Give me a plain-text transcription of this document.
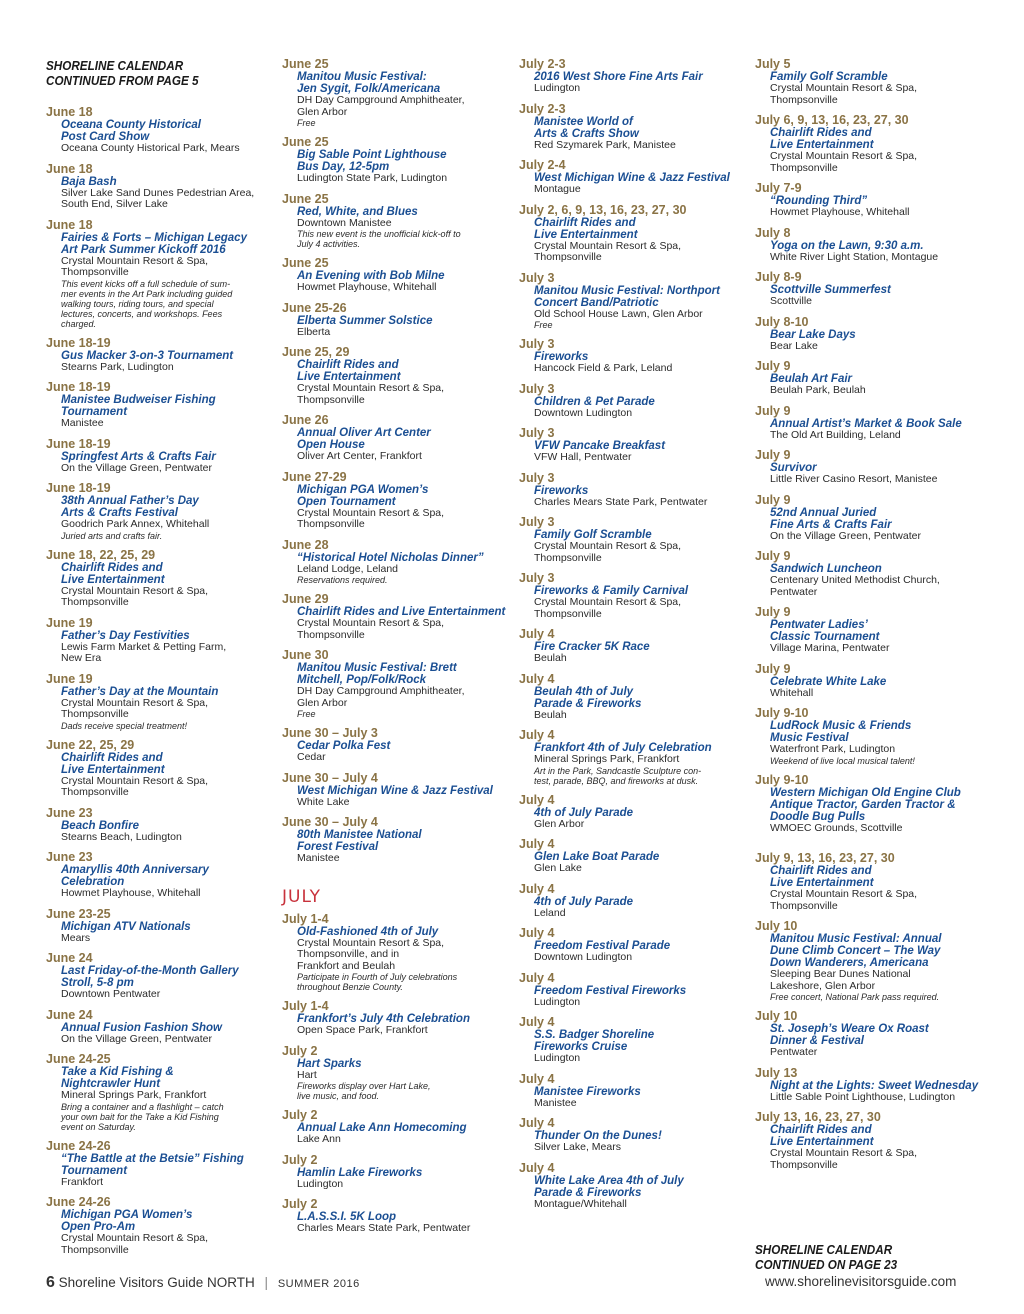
SHORELINE CALENDAR
CONTINUED FROM PAGE 5
June 18
Oceana County Historical
Post Card Show
Oceana County Historical Park, Mears
June 18
Baja Bash
Silver Lake Sand Dunes Pedestrian Area,
South End, Silver Lake
June 18
Fairies & Forts – Michigan Legacy
Art Park Summer Kickoff 2016
Crystal Mountain Resort & Spa,
Thompsonville
This event kicks off a full schedule of sum-
mer events in the Art Park including guided
walking tours, riding tours, and special
lectures, concerts, and workshops. Fees
charged.
June 18-19
Gus Macker 3-on-3 Tournament
Stearns Park, Ludington
June 18-19
Manistee Budweiser Fishing
Tournament
Manistee
June 18-19
Springfest Arts & Crafts Fair
On the Village Green, Pentwater
June 18-19
38th Annual Father’s Day
Arts & Crafts Festival
Goodrich Park Annex, Whitehall
Juried arts and crafts fair.
June 18, 22, 25, 29
Chairlift Rides and
Live Entertainment
Crystal Mountain Resort & Spa,
Thompsonville
June 19
Father’s Day Festivities
Lewis Farm Market & Petting Farm,
New Era
June 19
Father’s Day at the Mountain
Crystal Mountain Resort & Spa,
Thompsonville
Dads receive special treatment!
June 22, 25, 29
Chairlift Rides and
Live Entertainment
Crystal Mountain Resort & Spa,
Thompsonville
June 23
Beach Bonfire
Stearns Beach, Ludington
June 23
Amaryllis 40th Anniversary
Celebration
Howmet Playhouse, Whitehall
June 23-25
Michigan ATV Nationals
Mears
June 24
Last Friday-of-the-Month Gallery
Stroll, 5-8 pm
Downtown Pentwater
June 24
Annual Fusion Fashion Show
On the Village Green, Pentwater
June 24-25
Take a Kid Fishing &
Nightcrawler Hunt
Mineral Springs Park, Frankfort
Bring a container and a flashlight – catch
your own bait for the Take a Kid Fishing
event on Saturday.
June 24-26
“The Battle at the Betsie” Fishing
Tournament
Frankfort
June 24-26
Michigan PGA Women’s
Open Pro-Am
Crystal Mountain Resort & Spa,
Thompsonville
June 25
Manitou Music Festival:
Jen Sygit, Folk/Americana
DH Day Campground Amphitheater,
Glen Arbor
Free
June 25
Big Sable Point Lighthouse
Bus Day, 12-5pm
Ludington State Park, Ludington
June 25
Red, White, and Blues
Downtown Manistee
This new event is the unofficial kick-off to
July 4 activities.
June 25
An Evening with Bob Milne
Howmet Playhouse, Whitehall
June 25-26
Elberta Summer Solstice
Elberta
June 25, 29
Chairlift Rides and
Live Entertainment
Crystal Mountain Resort & Spa,
Thompsonville
June 26
Annual Oliver Art Center
Open House
Oliver Art Center, Frankfort
June 27-29
Michigan PGA Women’s
Open Tournament
Crystal Mountain Resort & Spa,
Thompsonville
June 28
“Historical Hotel Nicholas Dinner”
Leland Lodge, Leland
Reservations required.
June 29
Chairlift Rides and Live Entertainment
Crystal Mountain Resort & Spa,
Thompsonville
June 30
Manitou Music Festival: Brett
Mitchell, Pop/Folk/Rock
DH Day Campground Amphitheater,
Glen Arbor
Free
June 30 – July 3
Cedar Polka Fest
Cedar
June 30 – July 4
West Michigan Wine & Jazz Festival
White Lake
June 30 – July 4
80th Manistee National
Forest Festival
Manistee
JULY
July 1-4
Old-Fashioned 4th of July
Crystal Mountain Resort & Spa,
Thompsonville, and in
Frankfort and Beulah
Participate in Fourth of July celebrations
throughout Benzie County.
July 1-4
Frankfort’s July 4th Celebration
Open Space Park, Frankfort
July 2
Hart Sparks
Hart
Fireworks display over Hart Lake,
live music, and food.
July 2
Annual Lake Ann Homecoming
Lake Ann
July 2
Hamlin Lake Fireworks
Ludington
July 2
L.A.S.S.I. 5K Loop
Charles Mears State Park, Pentwater
July 2-3
2016 West Shore Fine Arts Fair
Ludington
July 2-3
Manistee World of
Arts & Crafts Show
Red Szymarek Park, Manistee
July 2-4
West Michigan Wine & Jazz Festival
Montague
July 2, 6, 9, 13, 16, 23, 27, 30
Chairlift Rides and
Live Entertainment
Crystal Mountain Resort & Spa,
Thompsonville
July 3
Manitou Music Festival: Northport
Concert Band/Patriotic
Old School House Lawn, Glen Arbor
Free
July 3
Fireworks
Hancock Field & Park, Leland
July 3
Children & Pet Parade
Downtown Ludington
July 3
VFW Pancake Breakfast
VFW Hall, Pentwater
July 3
Fireworks
Charles Mears State Park, Pentwater
July 3
Family Golf Scramble
Crystal Mountain Resort & Spa,
Thompsonville
July 3
Fireworks & Family Carnival
Crystal Mountain Resort & Spa,
Thompsonville
July 4
Fire Cracker 5K Race
Beulah
July 4
Beulah 4th of July
Parade & Fireworks
Beulah
July 4
Frankfort 4th of July Celebration
Mineral Springs Park, Frankfort
Art in the Park, Sandcastle Sculpture con-
test, parade, BBQ, and fireworks at dusk.
July 4
4th of July Parade
Glen Arbor
July 4
Glen Lake Boat Parade
Glen Lake
July 4
4th of July Parade
Leland
July 4
Freedom Festival Parade
Downtown Ludington
July 4
Freedom Festival Fireworks
Ludington
July 4
S.S. Badger Shoreline
Fireworks Cruise
Ludington
July 4
Manistee Fireworks
Manistee
July 4
Thunder On the Dunes!
Silver Lake, Mears
July 4
White Lake Area 4th of July
Parade & Fireworks
Montague/Whitehall
July 5
Family Golf Scramble
Crystal Mountain Resort & Spa,
Thompsonville
July 6, 9, 13, 16, 23, 27, 30
Chairlift Rides and
Live Entertainment
Crystal Mountain Resort & Spa,
Thompsonville
July 7-9
“Rounding Third”
Howmet Playhouse, Whitehall
July 8
Yoga on the Lawn, 9:30 a.m.
White River Light Station, Montague
July 8-9
Scottville Summerfest
Scottville
July 8-10
Bear Lake Days
Bear Lake
July 9
Beulah Art Fair
Beulah Park, Beulah
July 9
Annual Artist’s Market & Book Sale
The Old Art Building, Leland
July 9
Survivor
Little River Casino Resort, Manistee
July 9
52nd Annual Juried
Fine Arts & Crafts Fair
On the Village Green, Pentwater
July 9
Sandwich Luncheon
Centenary United Methodist Church,
Pentwater
July 9
Pentwater Ladies’
Classic Tournament
Village Marina, Pentwater
July 9
Celebrate White Lake
Whitehall
July 9-10
LudRock Music & Friends
Music Festival
Waterfront Park, Ludington
Weekend of live local musical talent!
July 9-10
Western Michigan Old Engine Club
Antique Tractor, Garden Tractor &
Doodle Bug Pulls
WMOEC Grounds, Scottville
July 9, 13, 16, 23, 27, 30
Chairlift Rides and
Live Entertainment
Crystal Mountain Resort & Spa,
Thompsonville
July 10
Manitou Music Festival: Annual
Dune Climb Concert – The Way
Down Wanderers, Americana
Sleeping Bear Dunes National
Lakeshore, Glen Arbor
Free concert, National Park pass required.
July 10
St. Joseph’s Weare Ox Roast
Dinner & Festival
Pentwater
July 13
Night at the Lights: Sweet Wednesday
Little Sable Point Lighthouse, Ludington
July 13, 16, 23, 27, 30
Chairlift Rides and
Live Entertainment
Crystal Mountain Resort & Spa,
Thompsonville
SHORELINE CALENDAR
CONTINUED ON PAGE 23
6 Shoreline Visitors Guide NORTH | SUMMER 2016	www.shorelinevisitorsguide.com
